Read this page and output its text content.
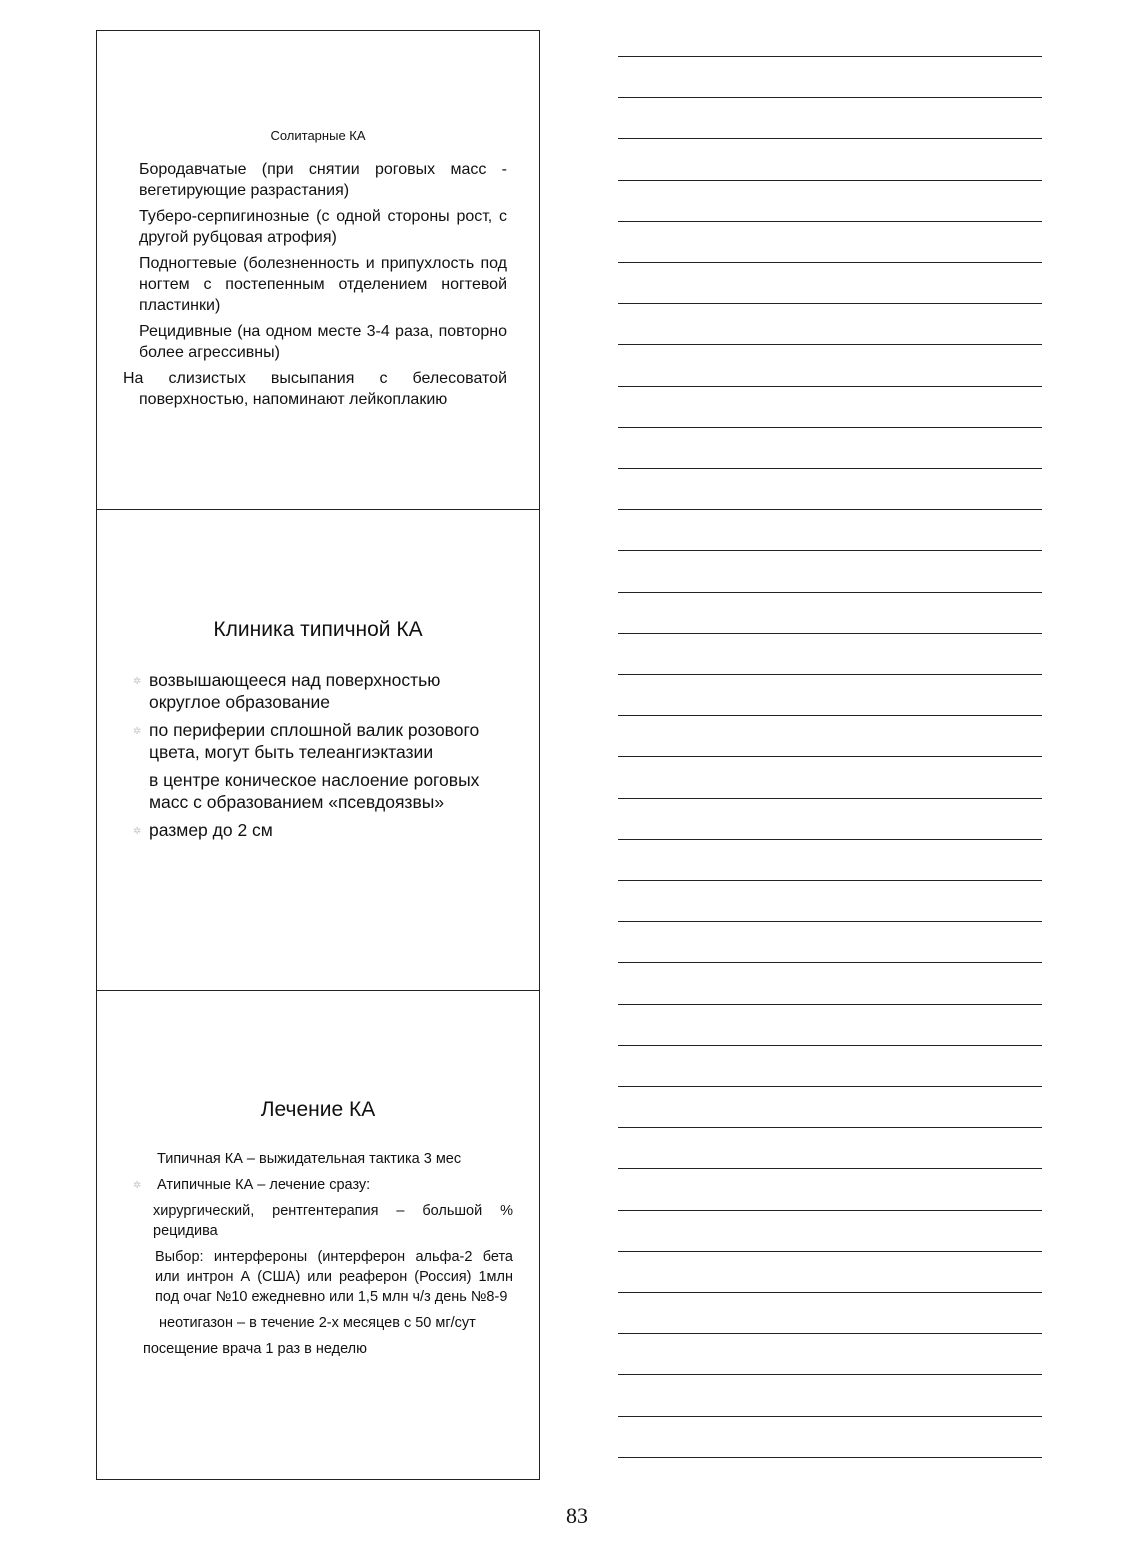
Солитарные КА
Бородавчатые (при снятии роговых масс - вегетирующие разрастания)
Туберо-серпигинозные (с одной стороны рост, с другой рубцовая атрофия)
Подногтевые (болезненность и припухлость под ногтем с постепенным отделением ногтевой пластинки)
Рецидивные (на одном месте 3-4 раза, повторно более агрессивны)
На слизистых высыпания с белесоватой поверхностью, напоминают лейкоплакию
Клиника типичной КА
✲ возвышающееся над поверхностью округлое образование
✲ по периферии сплошной валик розового цвета, могут быть телеангиэктазии
в центре коническое наслоение роговых масс с образованием «псевдоязвы»
✲ размер до 2 см
Лечение КА
Типичная КА – выжидательная тактика 3 мес
✲ Атипичные КА – лечение сразу:
хирургический, рентгентерапия – большой % рецидива
Выбор: интерфероны (интерферон альфа-2 бета или интрон А (США) или реаферон (Россия) 1млн под очаг №10 ежедневно или 1,5 млн ч/з день №8-9
неотигазон – в течение 2-х месяцев с 50 мг/сут
посещение врача 1 раз в неделю
83
